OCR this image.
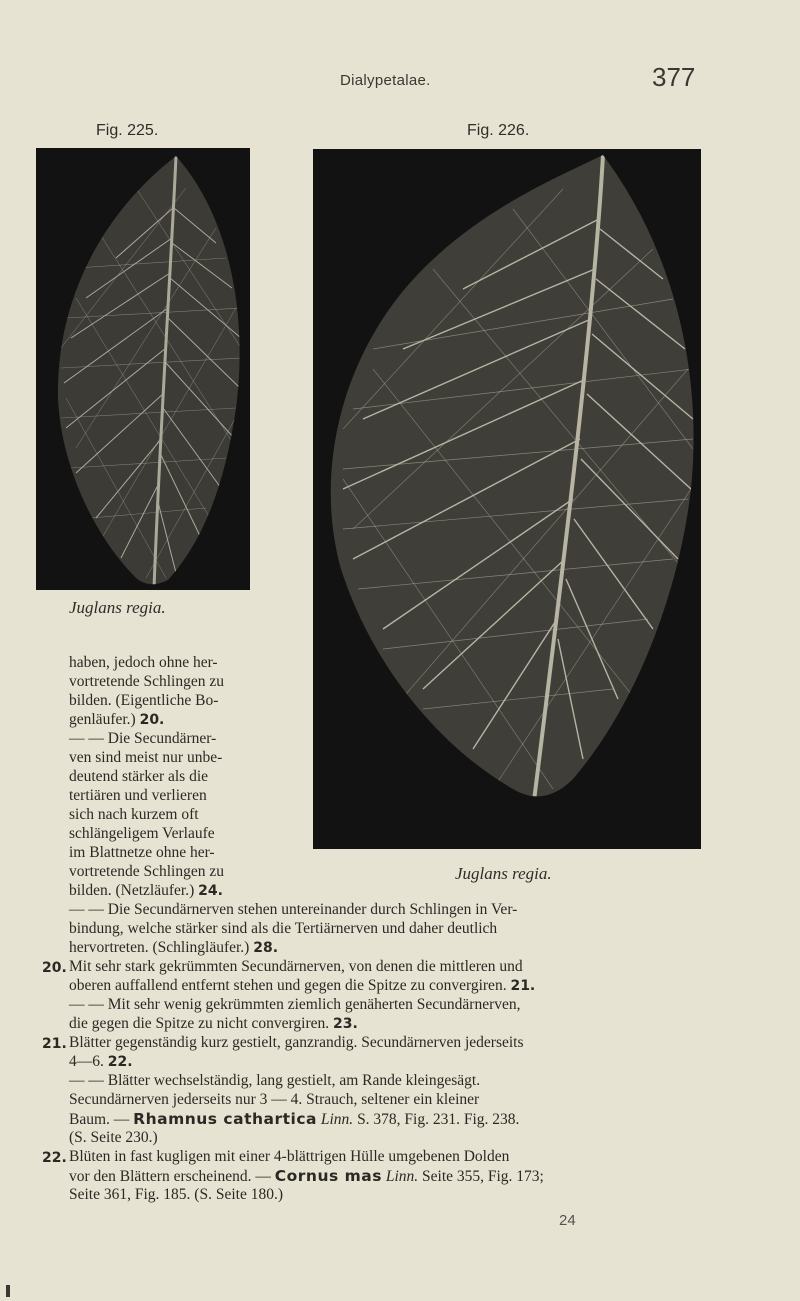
Dialypetalae.	377
Fig. 225.	Fig. 226.
Juglans regia.
Juglans regia.
haben, jedoch ohne her-
vortretende Schlingen zu
bilden. (Eigentliche Bo-
genläufer.) 20.
— — Die Secundärner-
ven sind meist nur unbe-
deutend stärker als die
tertiären und verlieren
sich nach kurzem oft
schlängeligem Verlaufe
im Blattnetze ohne her-
vortretende Schlingen zu
bilden. (Netzläufer.) 24.
— — Die Secundärnerven stehen untereinander durch Schlingen in Ver-
bindung, welche stärker sind als die Tertiärnerven und daher deutlich
hervortreten. (Schlingläufer.) 28.
20. Mit sehr stark gekrümmten Secundärnerven, von denen die mittleren und
oberen auffallend entfernt stehen und gegen die Spitze zu convergiren. 21.
— — Mit sehr wenig gekrümmten ziemlich genäherten Secundärnerven,
die gegen die Spitze zu nicht convergiren. 23.
21. Blätter gegenständig kurz gestielt, ganzrandig. Secundärnerven jederseits
4—6. 22.
— — Blätter wechselständig, lang gestielt, am Rande kleingesägt.
Secundärnerven jederseits nur 3 — 4. Strauch, seltener ein kleiner
Baum. — Rhamnus cathartica Linn. S. 378, Fig. 231. Fig. 238.
(S. Seite 230.)
22. Blüten in fast kugligen mit einer 4-blättrigen Hülle umgebenen Dolden
vor den Blättern erscheinend. — Cornus mas Linn. Seite 355, Fig. 173;
Seite 361, Fig. 185. (S. Seite 180.)
24
